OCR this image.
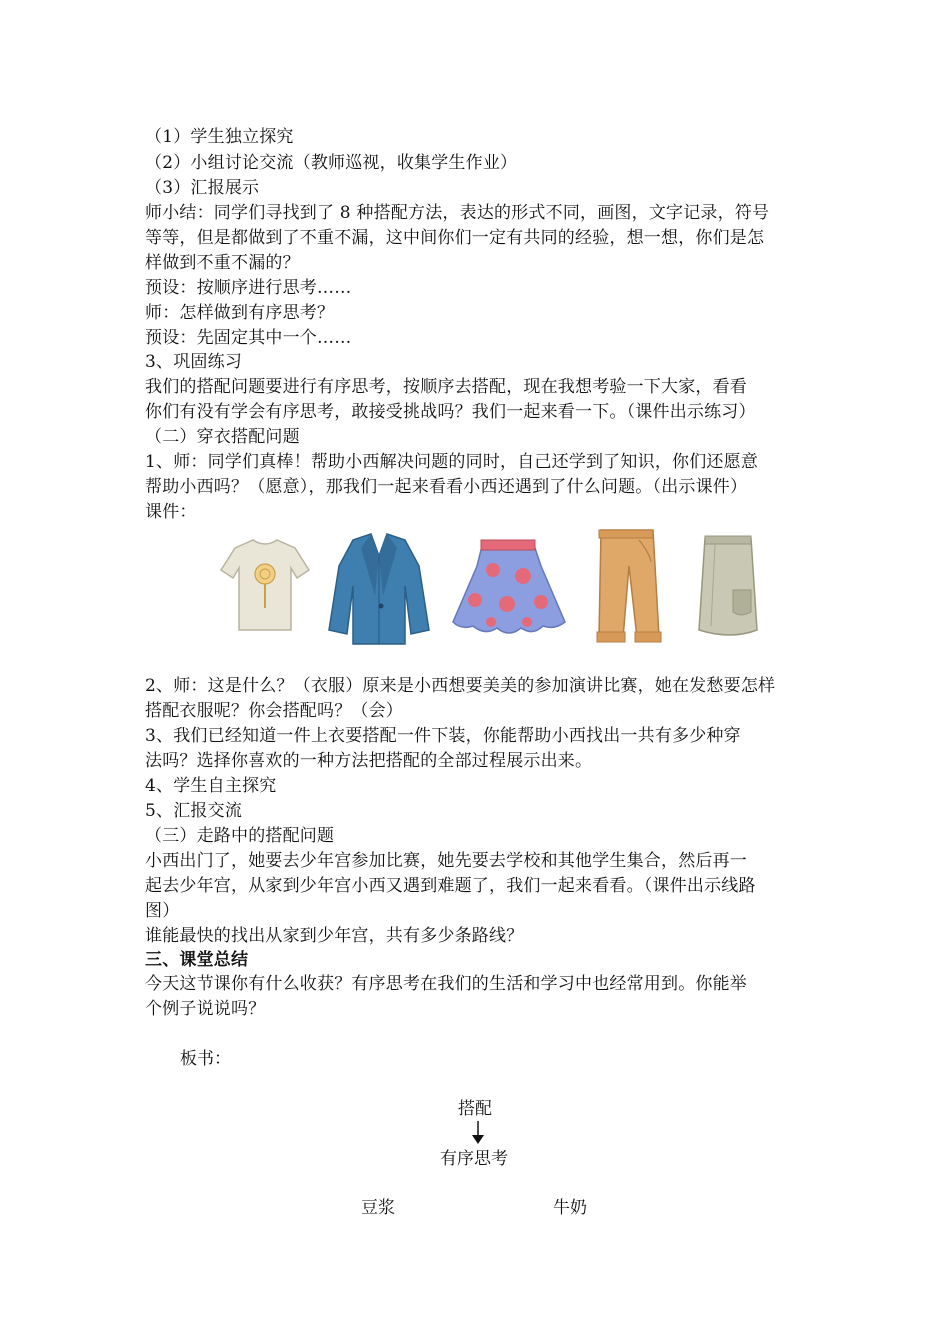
（1）学生独立探究
（2）小组讨论交流（教师巡视，收集学生作业）
（3）汇报展示
师小结：同学们寻找到了 8 种搭配方法，表达的形式不同，画图，文字记录，符号
等等，但是都做到了不重不漏，这中间你们一定有共同的经验，想一想，你们是怎
样做到不重不漏的？
预设：按顺序进行思考……
师：怎样做到有序思考？
预设：先固定其中一个……
3、巩固练习
我们的搭配问题要进行有序思考，按顺序去搭配，现在我想考验一下大家，看看
你们有没有学会有序思考，敢接受挑战吗？我们一起来看一下。（课件出示练习）
（二）穿衣搭配问题
1、师：同学们真棒！帮助小西解决问题的同时，自己还学到了知识，你们还愿意
帮助小西吗？（愿意），那我们一起来看看小西还遇到了什么问题。（出示课件）
课件：
2、师：这是什么？（衣服）原来是小西想要美美的参加演讲比赛，她在发愁要怎样
搭配衣服呢？你会搭配吗？（会）
3、我们已经知道一件上衣要搭配一件下装，你能帮助小西找出一共有多少种穿
法吗？选择你喜欢的一种方法把搭配的全部过程展示出来。
4、学生自主探究
5、汇报交流
（三）走路中的搭配问题
小西出门了，她要去少年宫参加比赛，她先要去学校和其他学生集合，然后再一
起去少年宫，从家到少年宫小西又遇到难题了，我们一起来看看。（课件出示线路
图）
谁能最快的找出从家到少年宫，共有多少条路线？
三、课堂总结
今天这节课你有什么收获？有序思考在我们的生活和学习中也经常用到。你能举
个例子说说吗？
板书：
搭配
有序思考
豆浆	牛奶
